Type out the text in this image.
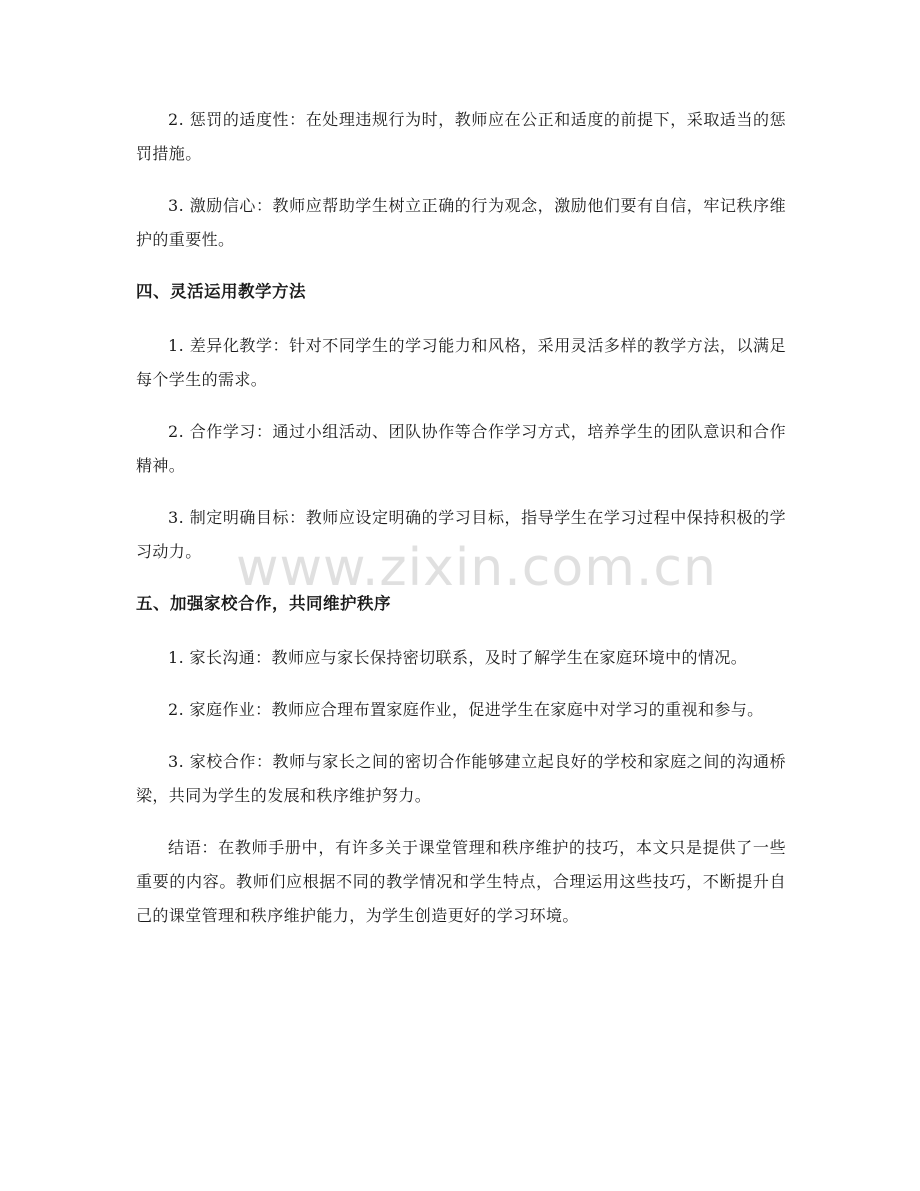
2. 惩罚的适度性：在处理违规行为时，教师应在公正和适度的前提下，采取适当的惩罚措施。

3. 激励信心：教师应帮助学生树立正确的行为观念，激励他们要有自信，牢记秩序维护的重要性。

四、灵活运用教学方法

1. 差异化教学：针对不同学生的学习能力和风格，采用灵活多样的教学方法，以满足每个学生的需求。

2. 合作学习：通过小组活动、团队协作等合作学习方式，培养学生的团队意识和合作精神。

3. 制定明确目标：教师应设定明确的学习目标，指导学生在学习过程中保持积极的学习动力。

五、加强家校合作，共同维护秩序

1. 家长沟通：教师应与家长保持密切联系，及时了解学生在家庭环境中的情况。

2. 家庭作业：教师应合理布置家庭作业，促进学生在家庭中对学习的重视和参与。

3. 家校合作：教师与家长之间的密切合作能够建立起良好的学校和家庭之间的沟通桥梁，共同为学生的发展和秩序维护努力。

结语：在教师手册中，有许多关于课堂管理和秩序维护的技巧，本文只是提供了一些重要的内容。教师们应根据不同的教学情况和学生特点，合理运用这些技巧，不断提升自己的课堂管理和秩序维护能力，为学生创造更好的学习环境。

www.zixin.com.cn
